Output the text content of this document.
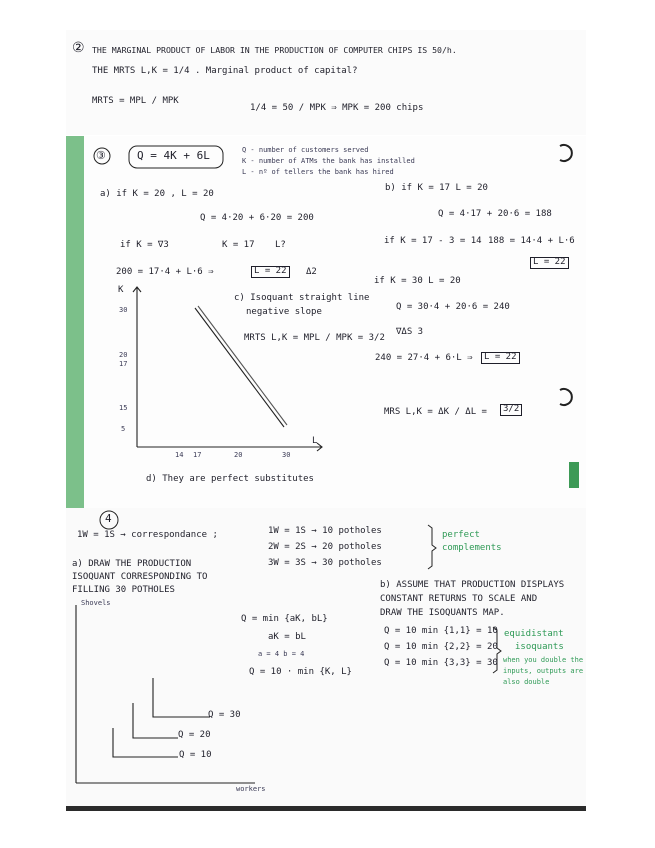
② THE MARGINAL PRODUCT OF LABOR IN THE PRODUCTION OF COMPUTER CHIPS IS 50/h.
THE MRTS L,K = 1/4 . Marginal product of capital?
MRTS = MPL / MPK
1/4 = 50 / MPK ⇒ MPK = 200 chips
③	Q = 4K + 6L	Q - number of customers served
K - number of ATMs the bank has installed
L - nº of tellers the bank has hired
a) if K = 20 , L = 20
Q = 4·20 + 6·20 = 200
if K = ∇3	K = 17 L?
200 = 17·4 + L·6 ⇒	L = 22	Δ2
b) if K = 17 L = 20
Q = 4·17 + 20·6 = 188
if K = 17 - 3 = 14 188 = 14·4 + L·6
L = 22
if K = 30 L = 20
Q = 30·4 + 20·6 = 240
∇ΔS 3
240 = 27·4 + 6·L ⇒	L = 22
MRS L,K = ΔK / ΔL =	3/2
c) Isoquant straight line
negative slope
MRTS L,K = MPL / MPK = 3/2
K
L
30
20
17
15
5
14 17	20	30
d) They are perfect substitutes
4
1W = 1S → correspondance ;	1W = 1S → 10 potholes
2W = 2S → 20 potholes
3W = 3S → 30 potholes
perfect
complements
a) DRAW THE PRODUCTION
ISOQUANT CORRESPONDING TO
FILLING 30 POTHOLES
Shovels
workers
Q = min {aK, bL}
aK = bL
a = 4 b = 4
Q = 10 · min {K, L}
Q = 30
Q = 20
Q = 10
b) ASSUME THAT PRODUCTION DISPLAYS
CONSTANT RETURNS TO SCALE AND
DRAW THE ISOQUANTS MAP.
Q = 10 min {1,1} = 10
Q = 10 min {2,2} = 20
Q = 10 min {3,3} = 30
equidistant
isoquants
when you double the
inputs, outputs are
also double
